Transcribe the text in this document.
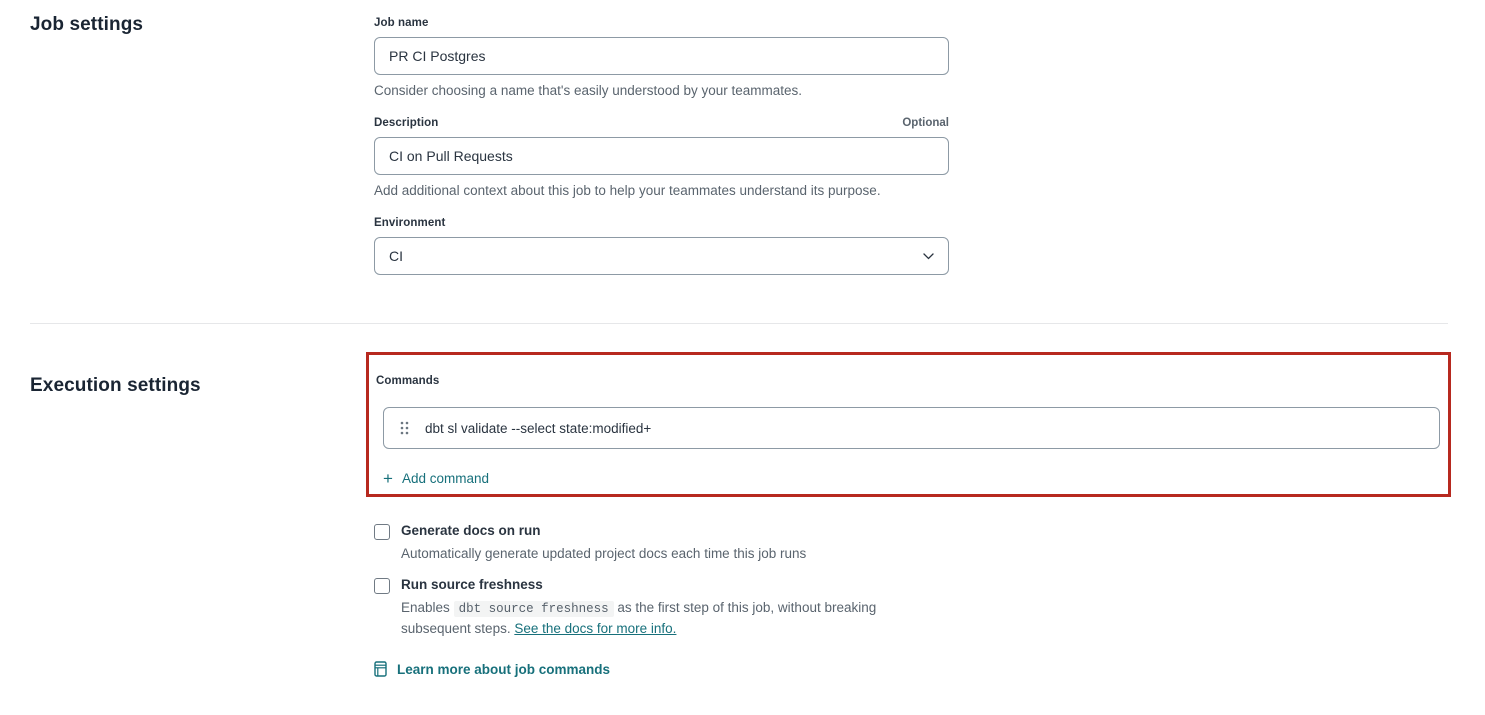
Job settings	Job name
PR CI Postgres
Consider choosing a name that's easily understood by your teammates.
Description	Optional
CI on Pull Requests
Add additional context about this job to help your teammates understand its purpose.
Environment
CI
Execution settings	Commands
dbt sl validate --select state:modified+
+ Add command
Generate docs on run
Automatically generate updated project docs each time this job runs
Run source freshness
Enables dbt source freshness as the first step of this job, without breaking subsequent steps. See the docs for more info.
Learn more about job commands
